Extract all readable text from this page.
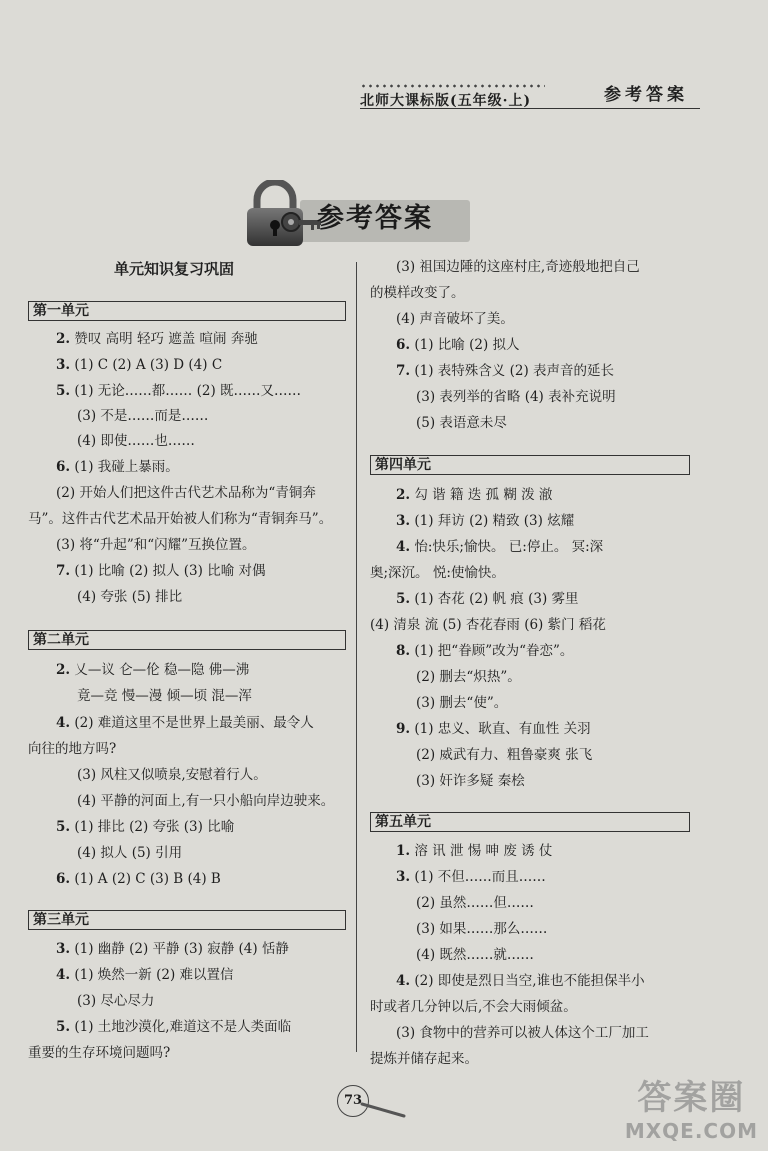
北师大课标版(五年级·上)	参考答案
参考答案
单元知识复习巩固
第一单元
2. 赞叹 高明 轻巧 遮盖 喧闹 奔驰
3. (1) C (2) A (3) D (4) C
5. (1) 无论……都…… (2) 既……又……
(3) 不是……而是……
(4) 即使……也……
6. (1) 我碰上暴雨。
(2) 开始人们把这件古代艺术品称为“青铜奔
马”。这件古代艺术品开始被人们称为“青铜奔马”。
(3) 将“升起”和“闪耀”互换位置。
7. (1) 比喻 (2) 拟人 (3) 比喻 对偶
(4) 夸张 (5) 排比
第二单元
2. 乂—议 仑—伦 稳—隐 佛—沸
竟—竞 慢—漫 倾—顷 混—浑
4. (2) 难道这里不是世界上最美丽、最令人
向往的地方吗?
(3) 风柱又似喷泉,安慰着行人。
(4) 平静的河面上,有一只小船向岸边驶来。
5. (1) 排比 (2) 夸张 (3) 比喻
(4) 拟人 (5) 引用
6. (1) A (2) C (3) B (4) B
第三单元
3. (1) 幽静 (2) 平静 (3) 寂静 (4) 恬静
4. (1) 焕然一新 (2) 难以置信
(3) 尽心尽力
5. (1) 土地沙漠化,难道这不是人类面临
重要的生存环境问题吗?
(3) 祖国边陲的这座村庄,奇迹般地把自己
的模样改变了。
(4) 声音破坏了美。
6. (1) 比喻 (2) 拟人
7. (1) 表特殊含义 (2) 表声音的延长
(3) 表列举的省略 (4) 表补充说明
(5) 表语意未尽
第四单元
2. 勾 谐 籍 迭 孤 糊 泼 澈
3. (1) 拜访 (2) 精致 (3) 炫耀
4. 怡:快乐;愉快。 已:停止。 冥:深
奥;深沉。 悦:使愉快。
5. (1) 杏花 (2) 帆 痕 (3) 雾里
(4) 清泉 流 (5) 杏花春雨 (6) 紫门 稻花
8. (1) 把“眷顾”改为“眷恋”。
(2) 删去“炽热”。
(3) 删去“使”。
9. (1) 忠义、耿直、有血性 关羽
(2) 威武有力、粗鲁豪爽 张飞
(3) 奸诈多疑 秦桧
第五单元
1. 溶 讯 泄 惕 呻 废 诱 仗
3. (1) 不但……而且……
(2) 虽然……但……
(3) 如果……那么……
(4) 既然……就……
4. (2) 即使是烈日当空,谁也不能担保半小
时或者几分钟以后,不会大雨倾盆。
(3) 食物中的营养可以被人体这个工厂加工
提炼并储存起来。
73	答案圈
MXQE.COM
